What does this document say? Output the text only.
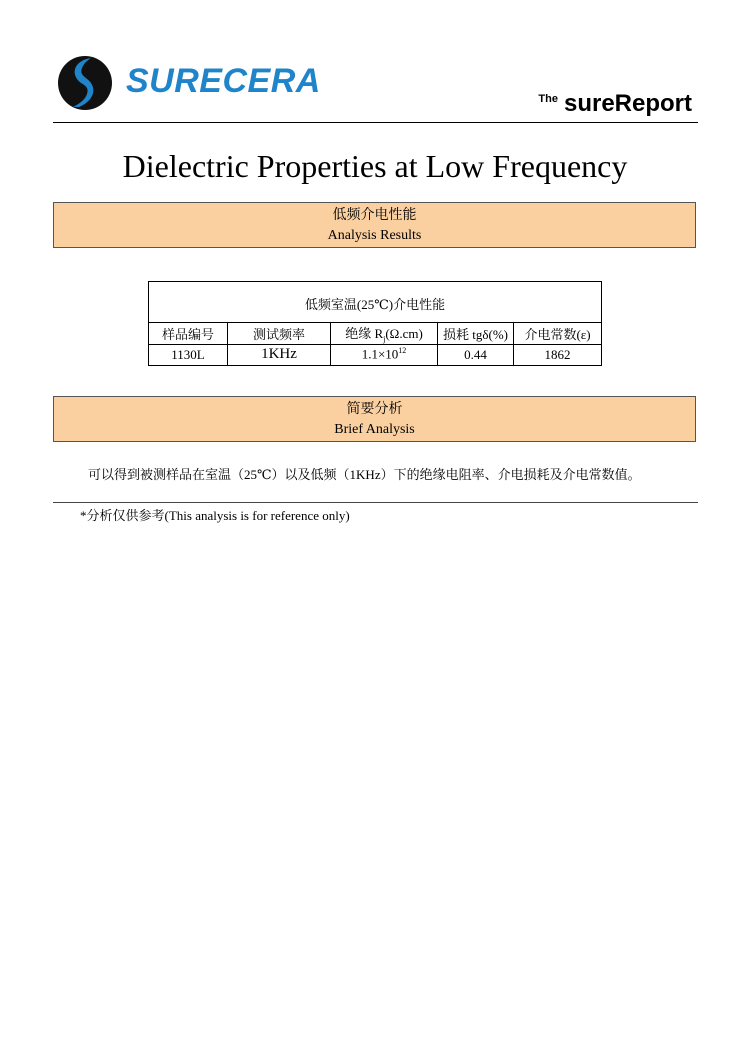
SURECERA	$^{The}$ sureReport
Dielectric Properties at Low Frequency
低频介电性能
Analysis Results
低频室温(25℃)介电性能				
样品编号	测试频率	绝缘 $R_j(\Omega.cm)$	损耗 tgδ(%)	介电常数(ε)
1130L	1KHz	$1.1\times 10^{12}$	0.44	1862
简要分析
Brief Analysis
可以得到被测样品在室温（25℃）以及低频（1KHz）下的绝缘电阻率、介电损耗及介电常数值。
*分析仅供参考(This analysis is for reference only)
